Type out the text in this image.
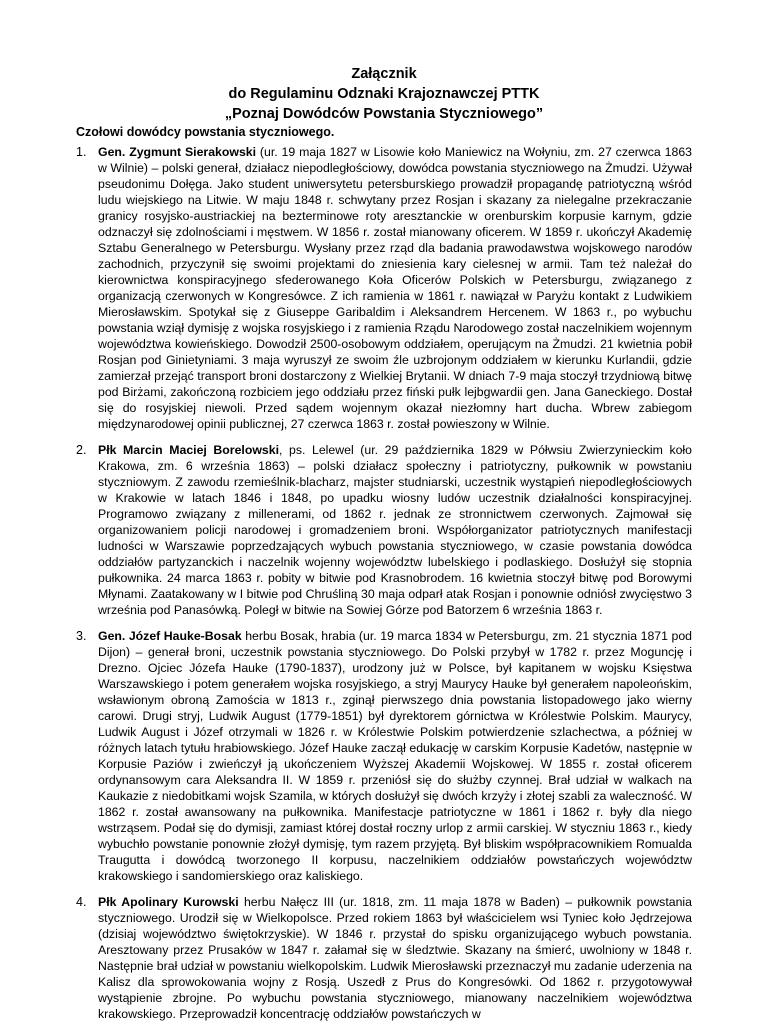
Załącznik
do Regulaminu Odznaki Krajoznawczej PTTK
„Poznaj Dowódców Powstania Styczniowego”
Czołowi dowódcy powstania styczniowego.
1. Gen. Zygmunt Sierakowski (ur. 19 maja 1827 w Lisowie koło Maniewicz na Wołyniu, zm. 27 czerwca 1863 w Wilnie) – polski generał, działacz niepodległościowy, dowódca powstania styczniowego na Żmudzi. Używał pseudonimu Dołęga. Jako student uniwersytetu petersburskiego prowadził propagandę patriotyczną wśród ludu wiejskiego na Litwie. W maju 1848 r. schwytany przez Rosjan i skazany za nielegalne przekraczanie granicy rosyjsko-austriackiej na bezterminowe roty aresztanckie w orenburskim korpusie karnym, gdzie odznaczył się zdolnościami i męstwem. W 1856 r. został mianowany oficerem. W 1859 r. ukończył Akademię Sztabu Generalnego w Petersburgu. Wysłany przez rząd dla badania prawodawstwa wojskowego narodów zachodnich, przyczynił się swoimi projektami do zniesienia kary cielesnej w armii. Tam też należał do kierownictwa konspiracyjnego sfederowanego Koła Oficerów Polskich w Petersburgu, związanego z organizacją czerwonych w Kongresówce. Z ich ramienia w 1861 r. nawiązał w Paryżu kontakt z Ludwikiem Mierosławskim. Spotykał się z Giuseppe Garibaldim i Aleksandrem Hercenem. W 1863 r., po wybuchu powstania wziął dymisję z wojska rosyjskiego i z ramienia Rządu Narodowego został naczelnikiem wojennym województwa kowieńskiego. Dowodził 2500-osobowym oddziałem, operującym na Żmudzi. 21 kwietnia pobił Rosjan pod Ginietyniami. 3 maja wyruszył ze swoim źle uzbrojonym oddziałem w kierunku Kurlandii, gdzie zamierzał przejąć transport broni dostarczony z Wielkiej Brytanii. W dniach 7-9 maja stoczył trzydniową bitwę pod Birżami, zakończoną rozbiciem jego oddziału przez fiński pułk lejbgwardii gen. Jana Ganeckiego. Dostał się do rosyjskiej niewoli. Przed sądem wojennym okazał niezłomny hart ducha. Wbrew zabiegom międzynarodowej opinii publicznej, 27 czerwca 1863 r. został powieszony w Wilnie.
2. Płk Marcin Maciej Borelowski, ps. Lelewel (ur. 29 października 1829 w Półwsiu Zwierzynieckim koło Krakowa, zm. 6 września 1863) – polski działacz społeczny i patriotyczny, pułkownik w powstaniu styczniowym. Z zawodu rzemieślnik-blacharz, majster studniarski, uczestnik wystąpień niepodległościowych w Krakowie w latach 1846 i 1848, po upadku wiosny ludów uczestnik działalności konspiracyjnej. Programowo związany z millenerami, od 1862 r. jednak ze stronnictwem czerwonych. Zajmował się organizowaniem policji narodowej i gromadzeniem broni. Współorganizator patriotycznych manifestacji ludności w Warszawie poprzedzających wybuch powstania styczniowego, w czasie powstania dowódca oddziałów partyzanckich i naczelnik wojenny województw lubelskiego i podlaskiego. Dosłużył się stopnia pułkownika. 24 marca 1863 r. pobity w bitwie pod Krasnobrodem. 16 kwietnia stoczył bitwę pod Borowymi Młynami. Zaatakowany w I bitwie pod Chruśliną 30 maja odparł atak Rosjan i ponownie odniósł zwycięstwo 3 września pod Panasówką. Poległ w bitwie na Sowiej Górze pod Batorzem 6 września 1863 r.
3. Gen. Józef Hauke-Bosak herbu Bosak, hrabia (ur. 19 marca 1834 w Petersburgu, zm. 21 stycznia 1871 pod Dijon) – generał broni, uczestnik powstania styczniowego. Do Polski przybył w 1782 r. przez Moguncję i Drezno. Ojciec Józefa Hauke (1790-1837), urodzony już w Polsce, był kapitanem w wojsku Księstwa Warszawskiego i potem generałem wojska rosyjskiego, a stryj Maurycy Hauke był generałem napoleońskim, wsławionym obroną Zamościa w 1813 r., zginął pierwszego dnia powstania listopadowego jako wierny carowi. Drugi stryj, Ludwik August (1779-1851) był dyrektorem górnictwa w Królestwie Polskim. Maurycy, Ludwik August i Józef otrzymali w 1826 r. w Królestwie Polskim potwierdzenie szlachectwa, a później w różnych latach tytułu hrabiowskiego. Józef Hauke zaczął edukację w carskim Korpusie Kadetów, następnie w Korpusie Paziów i zwieńczył ją ukończeniem Wyższej Akademii Wojskowej. W 1855 r. został oficerem ordynansowym cara Aleksandra II. W 1859 r. przeniósł się do służby czynnej. Brał udział w walkach na Kaukazie z niedobitkami wojsk Szamila, w których dosłużył się dwóch krzyży i złotej szabli za waleczność. W 1862 r. został awansowany na pułkownika. Manifestacje patriotyczne w 1861 i 1862 r. były dla niego wstrząsem. Podał się do dymisji, zamiast której dostał roczny urlop z armii carskiej. W styczniu 1863 r., kiedy wybuchło powstanie ponownie złożył dymisję, tym razem przyjętą. Był bliskim współpracownikiem Romualda Traugutta i dowódcą tworzonego II korpusu, naczelnikiem oddziałów powstańczych województw krakowskiego i sandomierskiego oraz kaliskiego.
4. Płk Apolinary Kurowski herbu Nałęcz III (ur. 1818, zm. 11 maja 1878 w Baden) – pułkownik powstania styczniowego. Urodził się w Wielkopolsce. Przed rokiem 1863 był właścicielem wsi Tyniec koło Jędrzejowa (dzisiaj województwo świętokrzyskie). W 1846 r. przystał do spisku organizującego wybuch powstania. Aresztowany przez Prusaków w 1847 r. załamał się w śledztwie. Skazany na śmierć, uwolniony w 1848 r. Następnie brał udział w powstaniu wielkopolskim. Ludwik Mierosławski przeznaczył mu zadanie uderzenia na Kalisz dla sprowokowania wojny z Rosją. Uszedł z Prus do Kongresówki. Od 1862 r. przygotowywał wystąpienie zbrojne. Po wybuchu powstania styczniowego, mianowany naczelnikiem województwa krakowskiego. Przeprowadził koncentrację oddziałów powstańczych w
